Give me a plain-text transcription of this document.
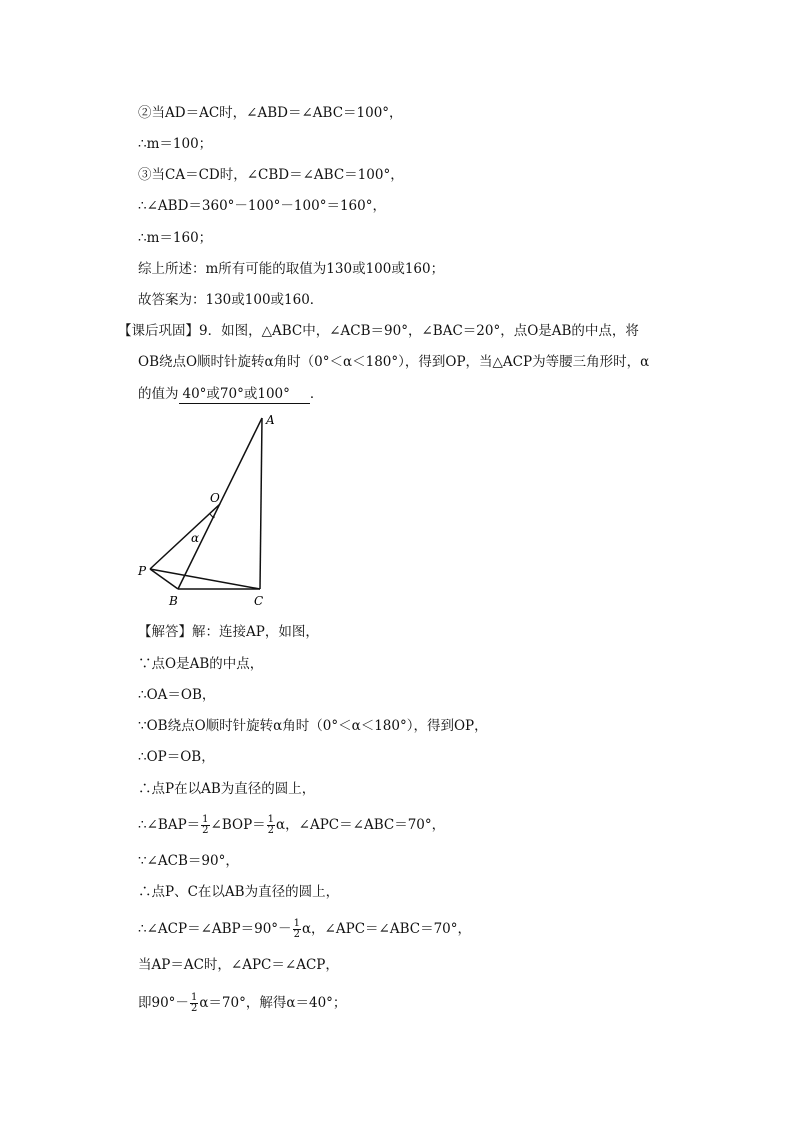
②当AD＝AC时，∠ABD＝∠ABC＝100°，
∴m＝100；
③当CA＝CD时，∠CBD＝∠ABC＝100°，
∴∠ABD＝360°－100°－100°＝160°，
∴m＝160；
综上所述：m所有可能的取值为130或100或160；
故答案为：130或100或160．
【课后巩固】9．如图，△ABC中，∠ACB＝90°，∠BAC＝20°，点O是AB的中点，将
OB绕点O顺时针旋转α角时（0°＜α＜180°），得到OP，当△ACP为等腰三角形时，α
的值为 40°或70°或100° ．
A
O
α
P
B	C
【解答】解：连接AP，如图，
∵点O是AB的中点，
∴OA＝OB，
∵OB绕点O顺时针旋转α角时（0°＜α＜180°），得到OP，
∴OP＝OB，
∴点P在以AB为直径的圆上，
∴∠BAP＝ $\frac{1}{2}$ ∠BOP＝ $\frac{1}{2}$ α，∠APC＝∠ABC＝70°，
∵∠ACB＝90°，
∴点P、C在以AB为直径的圆上，
∴∠ACP＝∠ABP＝90°－ $\frac{1}{2}$ α，∠APC＝∠ABC＝70°，
当AP＝AC时，∠APC＝∠ACP，
即$90^\circ- \frac{1}{2} \alpha=70^\circ$，解得α＝40°；
